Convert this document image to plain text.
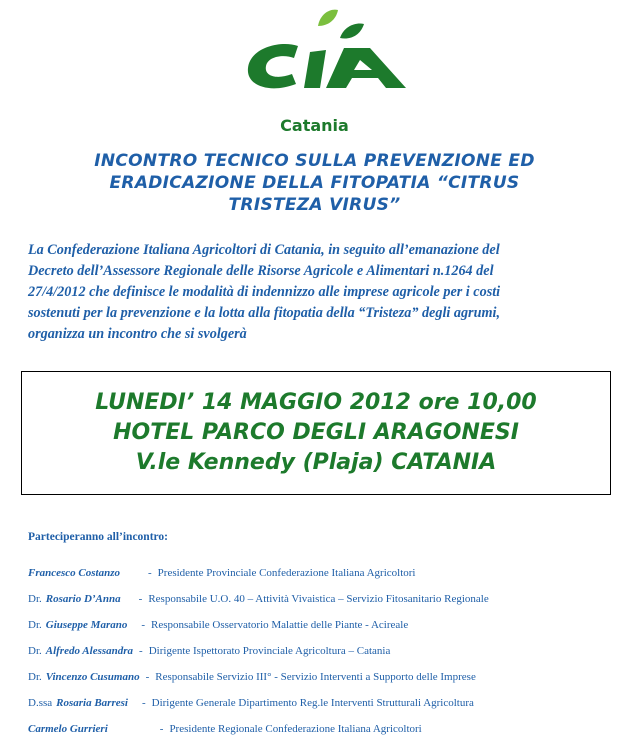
Catania
INCONTRO TECNICO SULLA PREVENZIONE ED
ERADICAZIONE DELLA FITOPATIA “CITRUS
TRISTEZA VIRUS”
La Confederazione Italiana Agricoltori di Catania, in seguito all’emanazione del
Decreto dell’Assessore Regionale delle Risorse Agricole e Alimentari n.1264 del
27/4/2012 che definisce le modalità di indennizzo alle imprese agricole per i costi
sostenuti per la prevenzione e la lotta alla fitopatia della “Tristeza” degli agrumi,
organizza un incontro che si svolgerà
LUNEDI’ 14 MAGGIO 2012 ore 10,00
HOTEL PARCO DEGLI ARAGONESI
V.le Kennedy (Plaja) CATANIA
Parteciperanno all’incontro:
Francesco Costanzo	- Presidente Provinciale Confederazione Italiana Agricoltori
Dr. Rosario D’Anna - Responsabile U.O. 40 – Attività Vivaistica – Servizio Fitosanitario Regionale
Dr. Giuseppe Marano - Responsabile Osservatorio Malattie delle Piante - Acireale
Dr. Alfredo Alessandra - Dirigente Ispettorato Provinciale Agricoltura – Catania
Dr. Vincenzo Cusumano - Responsabile Servizio III° - Servizio Interventi a Supporto delle Imprese
D.ssa Rosaria Barresi - Dirigente Generale Dipartimento Reg.le Interventi Strutturali Agricoltura
Carmelo Gurrieri	- Presidente Regionale Confederazione Italiana Agricoltori
